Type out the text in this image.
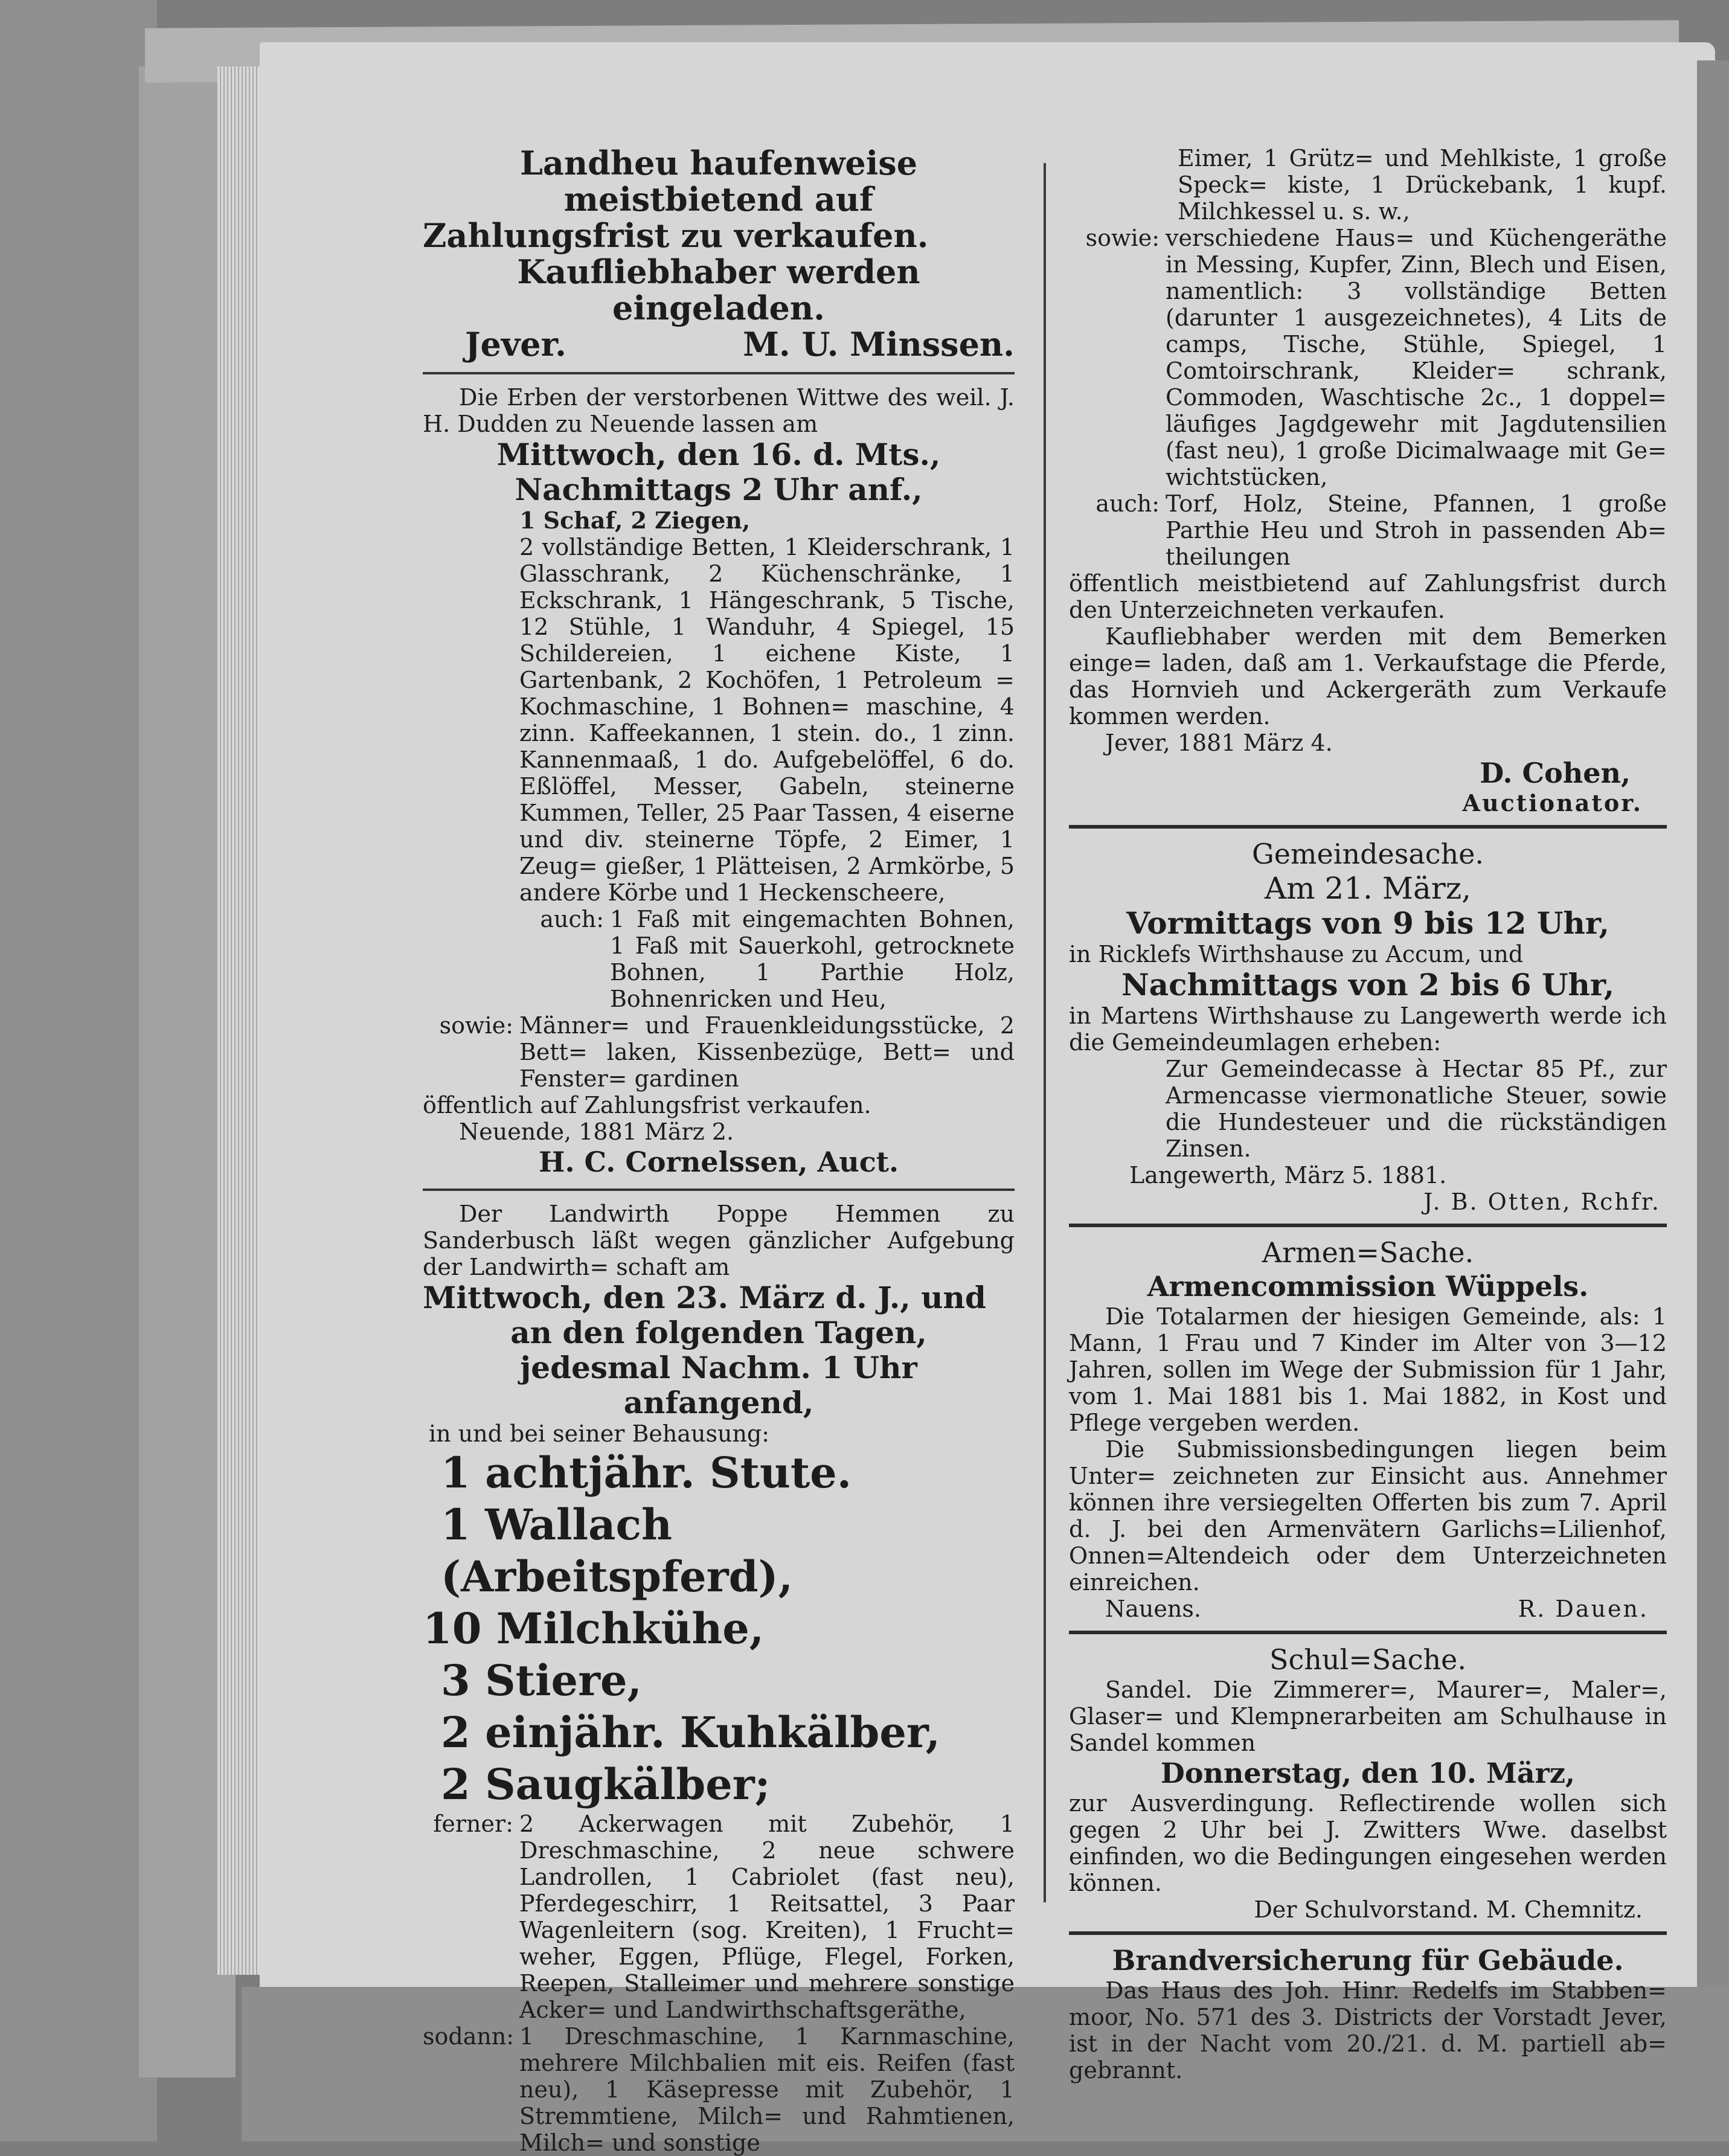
Landheu haufenweise meistbietend auf

Zahlungsfrist zu verkaufen.

Kaufliebhaber werden eingeladen.

Jever.	M. U. Minssen.

Die Erben der verstorbenen Wittwe des weil. J. H. Dudden zu Neuende lassen am

Mittwoch, den 16. d. Mts.,

Nachmittags 2 Uhr anf.,

1 Schaf, 2 Ziegen,

2 vollständige Betten, 1 Kleiderschrank, 1 Glasschrank, 2 Küchenschränke, 1 Eckschrank, 1 Hängeschrank, 5 Tische, 12 Stühle, 1 Wanduhr, 4 Spiegel, 15 Schildereien, 1 eichene Kiste, 1 Gartenbank, 2 Kochöfen, 1 Petroleum = Kochmaschine, 1 Bohnen= maschine, 4 zinn. Kaffeekannen, 1 stein. do., 1 zinn. Kannenmaaß, 1 do. Aufgebelöffel, 6 do. Eßlöffel, Messer, Gabeln, steinerne Kummen, Teller, 25 Paar Tassen, 4 eiserne und div. steinerne Töpfe, 2 Eimer, 1 Zeug= gießer, 1 Plätteisen, 2 Armkörbe, 5 andere Körbe und 1 Heckenscheere,

auch: 1 Faß mit eingemachten Bohnen, 1 Faß mit Sauerkohl, getrocknete Bohnen, 1 Parthie Holz, Bohnenricken und Heu,
sowie: Männer= und Frauenkleidungsstücke, 2 Bett= laken, Kissenbezüge, Bett= und Fenster= gardinen

öffentlich auf Zahlungsfrist verkaufen.

Neuende, 1881 März 2.

H. C. Cornelssen, Auct.

Der Landwirth Poppe Hemmen zu Sanderbusch läßt wegen gänzlicher Aufgebung der Landwirth= schaft am

Mittwoch, den 23. März d. J., und

an den folgenden Tagen,

jedesmal Nachm. 1 Uhr anfangend,

in und bei seiner Behausung:

1 achtjähr. Stute.

1 Wallach (Arbeitspferd),

10 Milchkühe,

3 Stiere,

2 einjähr. Kuhkälber,

2 Saugkälber;

ferner: 2 Ackerwagen mit Zubehör, 1 Dreschmaschine, 2 neue schwere Landrollen, 1 Cabriolet (fast neu), Pferdegeschirr, 1 Reitsattel, 3 Paar Wagenleitern (sog. Kreiten), 1 Frucht= weher, Eggen, Pflüge, Flegel, Forken, Reepen, Stalleimer und mehrere sonstige Acker= und Landwirthschaftsgeräthe,
sodann: 1 Dreschmaschine, 1 Karnmaschine, mehrere Milchbalien mit eis. Reifen (fast neu), 1 Käsepresse mit Zubehör, 1 Stremmtiene, Milch= und Rahmtienen, Milch= und sonstige

Eimer, 1 Grütz= und Mehlkiste, 1 große Speck= kiste, 1 Drückebank, 1 kupf. Milchkessel u. s. w.,

sowie: verschiedene Haus= und Küchengeräthe in Messing, Kupfer, Zinn, Blech und Eisen, namentlich: 3 vollständige Betten (darunter 1 ausgezeichnetes), 4 Lits de camps, Tische, Stühle, Spiegel, 1 Comtoirschrank, Kleider= schrank, Commoden, Waschtische 2c., 1 doppel= läufiges Jagdgewehr mit Jagdutensilien (fast neu), 1 große Dicimalwaage mit Ge= wichtstücken,
auch: Torf, Holz, Steine, Pfannen, 1 große Parthie Heu und Stroh in passenden Ab= theilungen

öffentlich meistbietend auf Zahlungsfrist durch den Unterzeichneten verkaufen.

Kaufliebhaber werden mit dem Bemerken einge= laden, daß am 1. Verkaufstage die Pferde, das Hornvieh und Ackergeräth zum Verkaufe kommen werden.

Jever, 1881 März 4.

D. Cohen,

Auctionator.

Gemeindesache.

Am 21. März,

Vormittags von 9 bis 12 Uhr,

in Ricklefs Wirthshause zu Accum, und

Nachmittags von 2 bis 6 Uhr,

in Martens Wirthshause zu Langewerth werde ich die Gemeindeumlagen erheben:

Zur Gemeindecasse à Hectar 85 Pf., zur Armencasse viermonatliche Steuer, sowie die Hundesteuer und die rückständigen Zinsen.

Langewerth, März 5. 1881.

J. B. Otten, Rchfr.

Armen=Sache.

Armencommission Wüppels.

Die Totalarmen der hiesigen Gemeinde, als: 1 Mann, 1 Frau und 7 Kinder im Alter von 3—12 Jahren, sollen im Wege der Submission für 1 Jahr, vom 1. Mai 1881 bis 1. Mai 1882, in Kost und Pflege vergeben werden.

Die Submissionsbedingungen liegen beim Unter= zeichneten zur Einsicht aus. Annehmer können ihre versiegelten Offerten bis zum 7. April d. J. bei den Armenvätern Garlichs=Lilienhof, Onnen=Altendeich oder dem Unterzeichneten einreichen.

Nauens.	R. Dauen.

Schul=Sache.

Sandel. Die Zimmerer=, Maurer=, Maler=, Glaser= und Klempnerarbeiten am Schulhause in Sandel kommen

Donnerstag, den 10. März,

zur Ausverdingung. Reflectirende wollen sich gegen 2 Uhr bei J. Zwitters Wwe. daselbst einfinden, wo die Bedingungen eingesehen werden können.

Der Schulvorstand. M. Chemnitz.

Brandversicherung für Gebäude.

Das Haus des Joh. Hinr. Redelfs im Stabben= moor, No. 571 des 3. Districts der Vorstadt Jever, ist in der Nacht vom 20./21. d. M. partiell ab= gebrannt.
